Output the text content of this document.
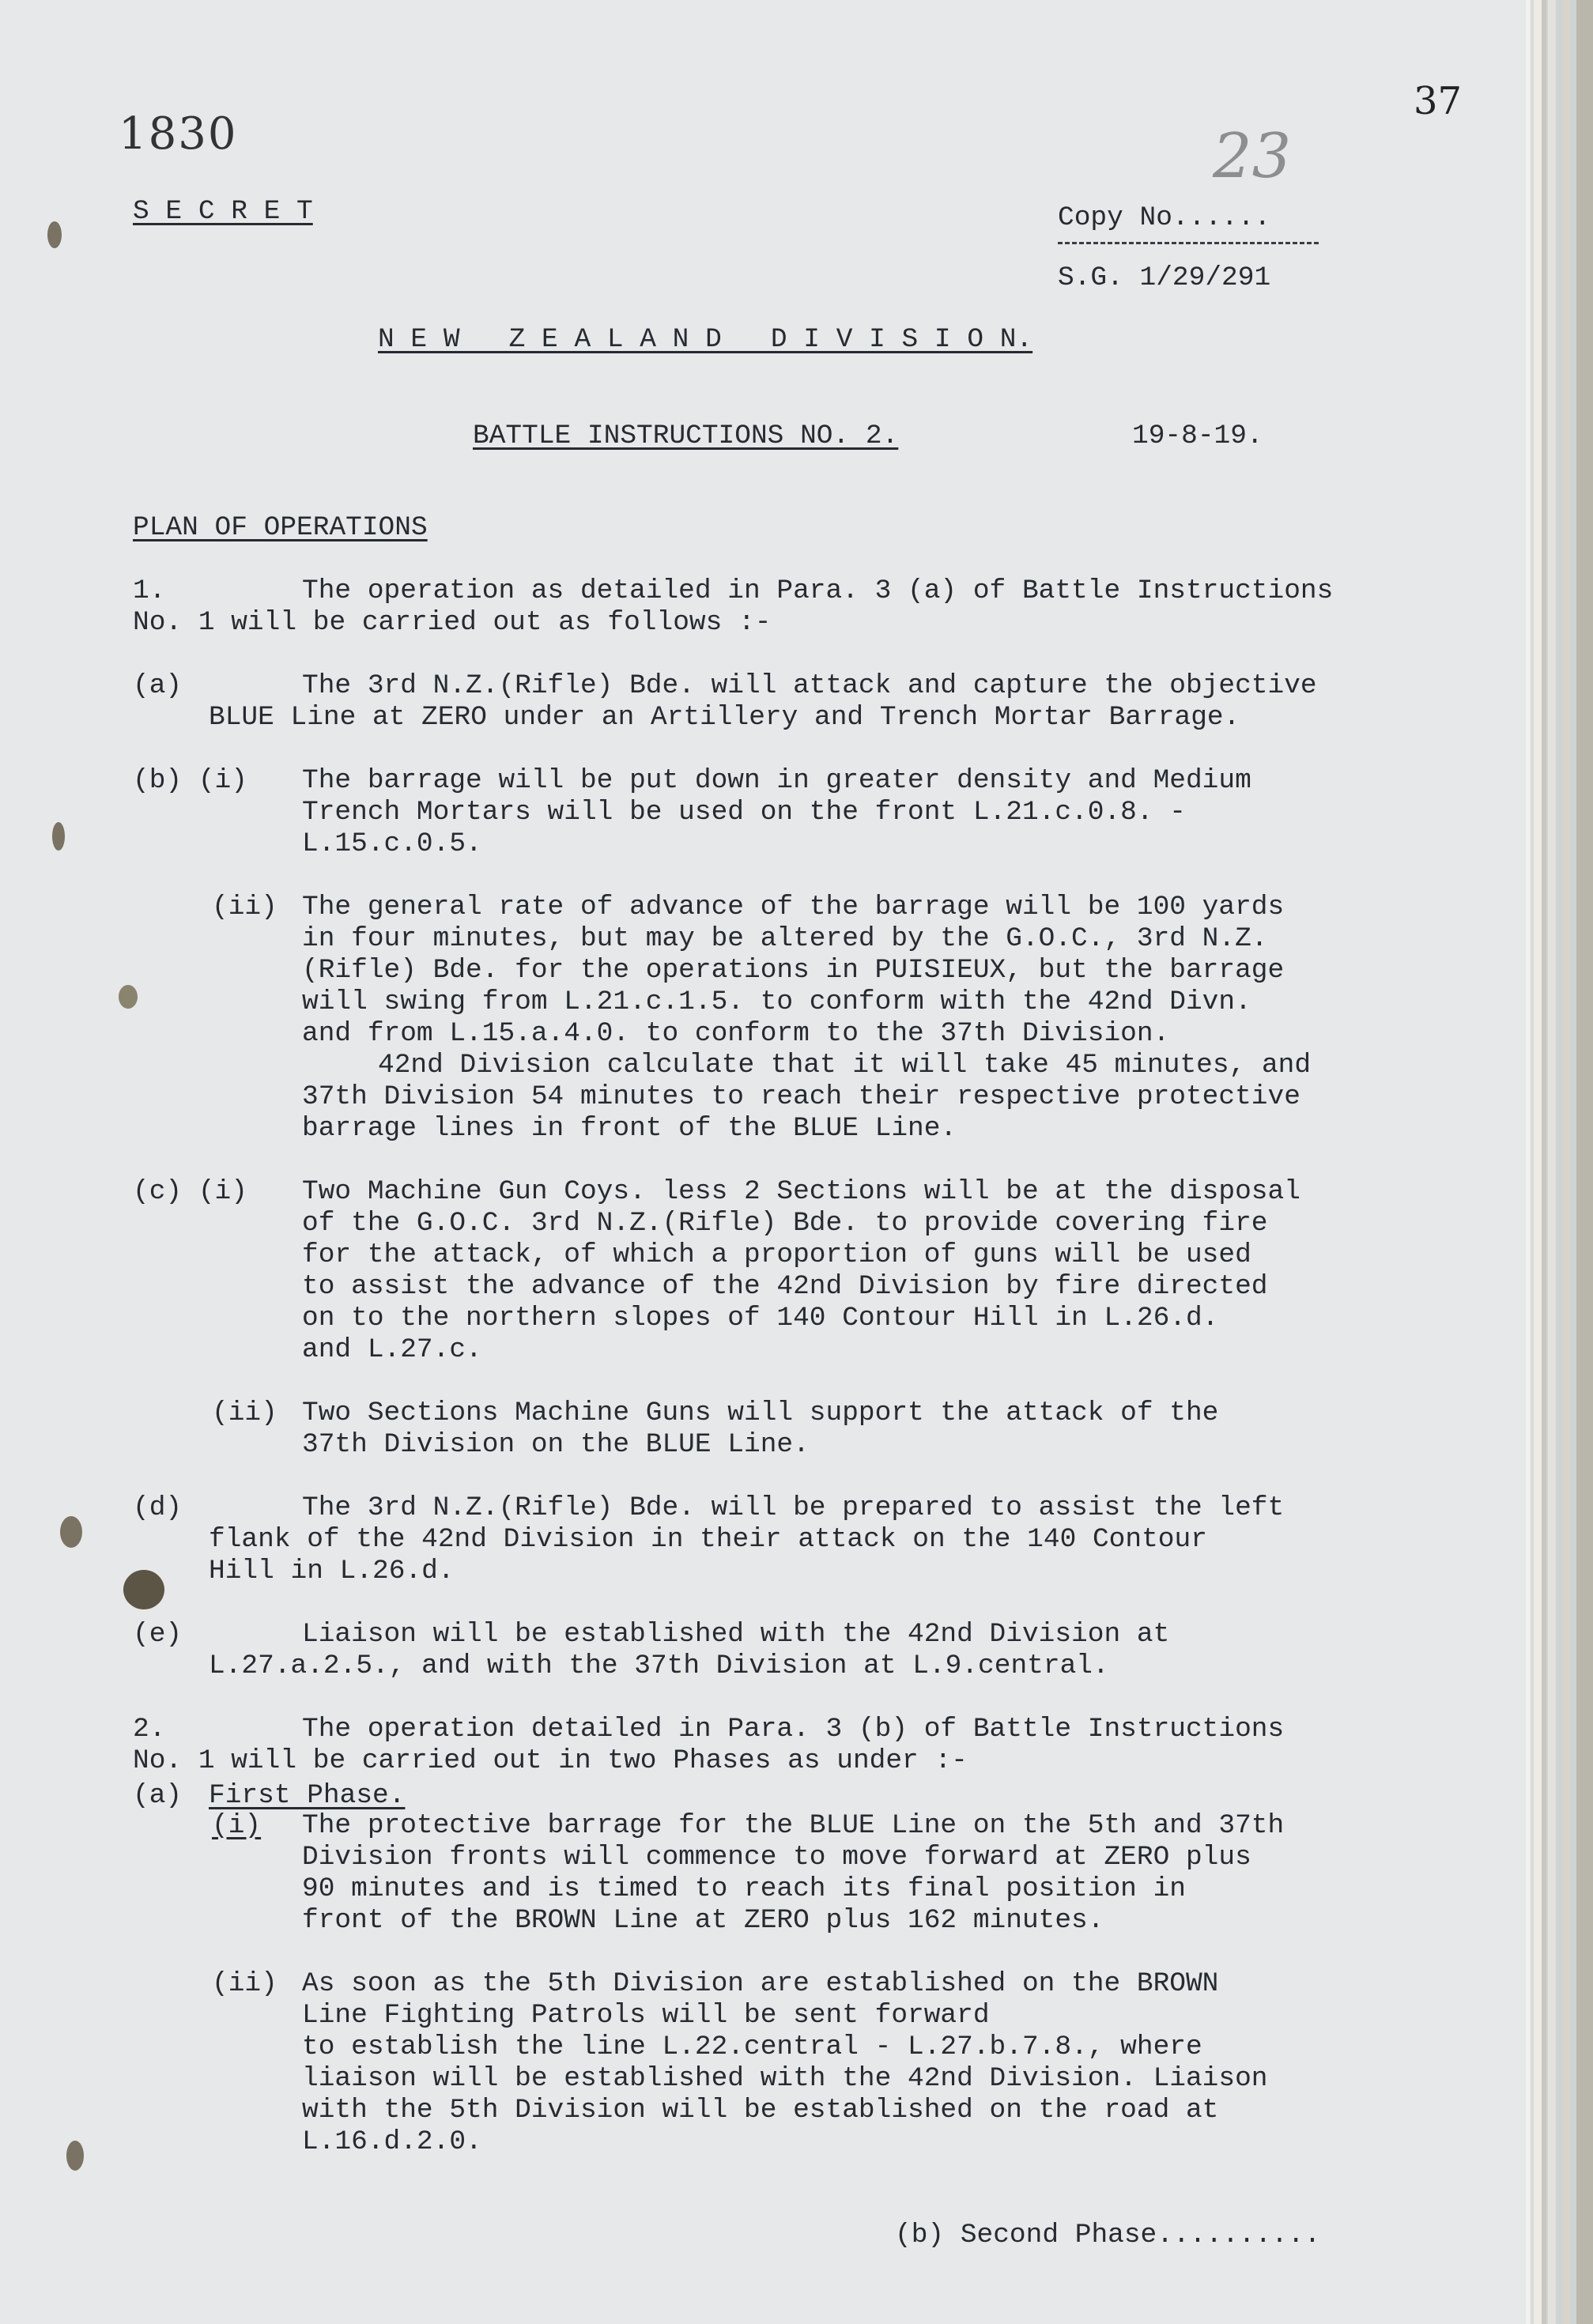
1830
37
S E C R E T	Copy No......
23
S.G. 1/29/291
N E W   Z E A L A N D   D I V I S I O N.
BATTLE INSTRUCTIONS NO. 2.	19-8-19.
PLAN OF OPERATIONS
1.	The operation as detailed in Para. 3 (a) of Battle Instructions
No. 1 will be carried out as follows :-
(a)	The 3rd N.Z.(Rifle) Bde. will attack and capture the objective
BLUE Line at ZERO under an Artillery and Trench Mortar Barrage.
(b) (i) The barrage will be put down in greater density and Medium
Trench Mortars will be used on the front L.21.c.0.8. -
L.15.c.0.5.
(ii) The general rate of advance of the barrage will be 100 yards
in four minutes, but may be altered by the G.O.C., 3rd N.Z.
(Rifle) Bde. for the operations in PUISIEUX, but the barrage
will swing from L.21.c.1.5. to conform with the 42nd Divn.
and from L.15.a.4.0. to conform to the 37th Division.
42nd Division calculate that it will take 45 minutes, and
37th Division 54 minutes to reach their respective protective
barrage lines in front of the BLUE Line.
(c) (i) Two Machine Gun Coys. less 2 Sections will be at the disposal
of the G.O.C. 3rd N.Z.(Rifle) Bde. to provide covering fire
for the attack, of which a proportion of guns will be used
to assist the advance of the 42nd Division by fire directed
on to the northern slopes of 140 Contour Hill in L.26.d.
and L.27.c.
(ii) Two Sections Machine Guns will support the attack of the
37th Division on the BLUE Line.
(d)	The 3rd N.Z.(Rifle) Bde. will be prepared to assist the left
flank of the 42nd Division in their attack on the 140 Contour
Hill in L.26.d.
(e)	Liaison will be established with the 42nd Division at
L.27.a.2.5., and with the 37th Division at L.9.central.
2.	The operation detailed in Para. 3 (b) of Battle Instructions
No. 1 will be carried out in two Phases as under :-
(a) First Phase.
(i) The protective barrage for the BLUE Line on the 5th and 37th
Division fronts will commence to move forward at ZERO plus
90 minutes and is timed to reach its final position in
front of the BROWN Line at ZERO plus 162 minutes.
(ii) As soon as the 5th Division are established on the BROWN
Line Fighting Patrols will be sent forward
to establish the line L.22.central - L.27.b.7.8., where
liaison will be established with the 42nd Division. Liaison
with the 5th Division will be established on the road at
L.16.d.2.0.
(b) Second Phase..........
